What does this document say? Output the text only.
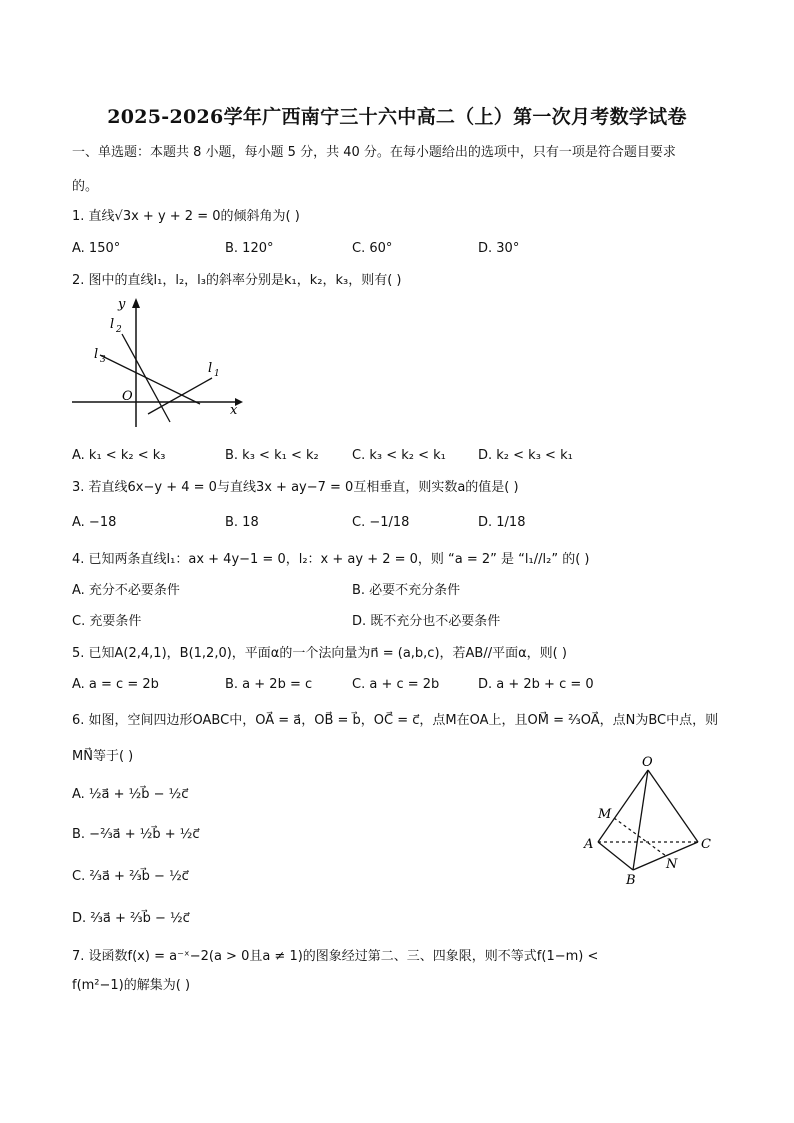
2025-2026学年广西南宁三十六中高二（上）第一次月考数学试卷
一、单选题：本题共 8 小题，每小题 5 分，共 40 分。在每小题给出的选项中，只有一项是符合题目要求
的。
1. 直线√3x + y + 2 = 0的倾斜角为( )
A. 150°	B. 120°	C. 60°	D. 30°
2. 图中的直线l₁，l₂，l₃的斜率分别是k₁，k₂，k₃，则有( )
y
x
O
l 2
l 3
l 1
A. k₁ < k₂ < k₃	B. k₃ < k₁ < k₂	C. k₃ < k₂ < k₁ D. k₂ < k₃ < k₁
3. 若直线6x−y + 4 = 0与直线3x + ay−7 = 0互相垂直，则实数a的值是( )
A. −18	B. 18	C. −1/18	D. 1/18
4. 已知两条直线l₁：ax + 4y−1 = 0，l₂：x + ay + 2 = 0，则 “a = 2” 是 “l₁//l₂” 的( )
A. 充分不必要条件	B. 必要不充分条件
C. 充要条件	D. 既不充分也不必要条件
5. 已知A(2,4,1)，B(1,2,0)，平面α的一个法向量为n⃗ = (a,b,c)，若AB//平面α，则( )
A. a = c = 2b	B. a + 2b = c	C. a + c = 2b	D. a + 2b + c = 0
6. 如图，空间四边形OABC中，OA⃗ = a⃗，OB⃗ = b⃗，OC⃗ = c⃗，点M在OA上，且OM⃗ = ⅔OA⃗，点N为BC中点，则
MN⃗等于( )
A. ½a⃗ + ½b⃗ − ½c⃗
B. −⅔a⃗ + ½b⃗ + ½c⃗
C. ⅔a⃗ + ⅔b⃗ − ½c⃗
D. ⅔a⃗ + ⅔b⃗ − ½c⃗
O
A
B
C
M
N
7. 设函数f(x) = a⁻ˣ−2(a > 0且a ≠ 1)的图象经过第二、三、四象限，则不等式f(1−m) <
f(m²−1)的解集为( )
